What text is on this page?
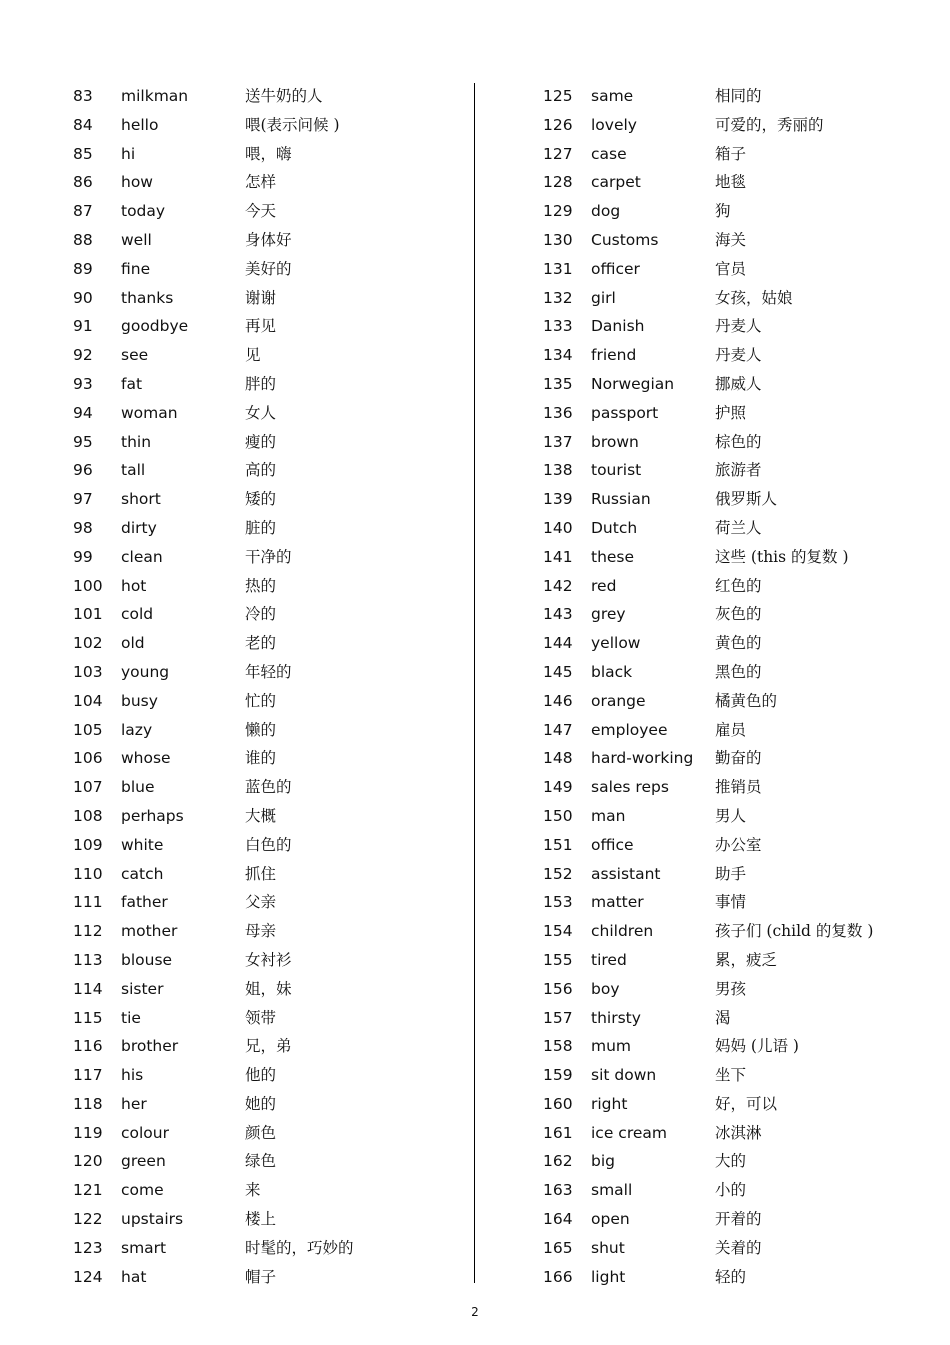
83 milkman	送牛奶的人
84 hello	喂(表示问候 )
85 hi	喂，嗨
86 how	怎样
87 today	今天
88 well	身体好
89 fine	美好的
90 thanks	谢谢
91 goodbye	再见
92 see	见
93 fat	胖的
94 woman	女人
95 thin	瘦的
96 tall	高的
97 short	矮的
98 dirty	脏的
99 clean	干净的
100 hot	热的
101 cold	冷的
102 old	老的
103 young	年轻的
104 busy	忙的
105 lazy	懒的
106 whose	谁的
107 blue	蓝色的
108 perhaps	大概
109 white	白色的
110 catch	抓住
111 father	父亲
112 mother	母亲
113 blouse	女衬衫
114 sister	姐，妹
115 tie	领带
116 brother	兄，弟
117 his	他的
118 her	她的
119 colour	颜色
120 green	绿色
121 come	来
122 upstairs	楼上
123 smart	时髦的，巧妙的
124 hat	帽子
125 same	相同的
126 lovely	可爱的，秀丽的
127 case	箱子
128 carpet	地毯
129 dog	狗
130 Customs	海关
131 officer	官员
132 girl	女孩，姑娘
133 Danish	丹麦人
134 friend	丹麦人
135 Norwegian	挪威人
136 passport	护照
137 brown	棕色的
138 tourist	旅游者
139 Russian	俄罗斯人
140 Dutch	荷兰人
141 these	这些 (this 的复数 )
142 red	红色的
143 grey	灰色的
144 yellow	黄色的
145 black	黑色的
146 orange	橘黄色的
147 employee	雇员
148 hard-working 勤奋的
149 sales reps	推销员
150 man	男人
151 office	办公室
152 assistant	助手
153 matter	事情
154 children	孩子们 (child 的复数 )
155 tired	累，疲乏
156 boy	男孩
157 thirsty	渴
158 mum	妈妈 (儿语 )
159 sit down	坐下
160 right	好，可以
161 ice cream	冰淇淋
162 big	大的
163 small	小的
164 open	开着的
165 shut	关着的
166 light	轻的
2
